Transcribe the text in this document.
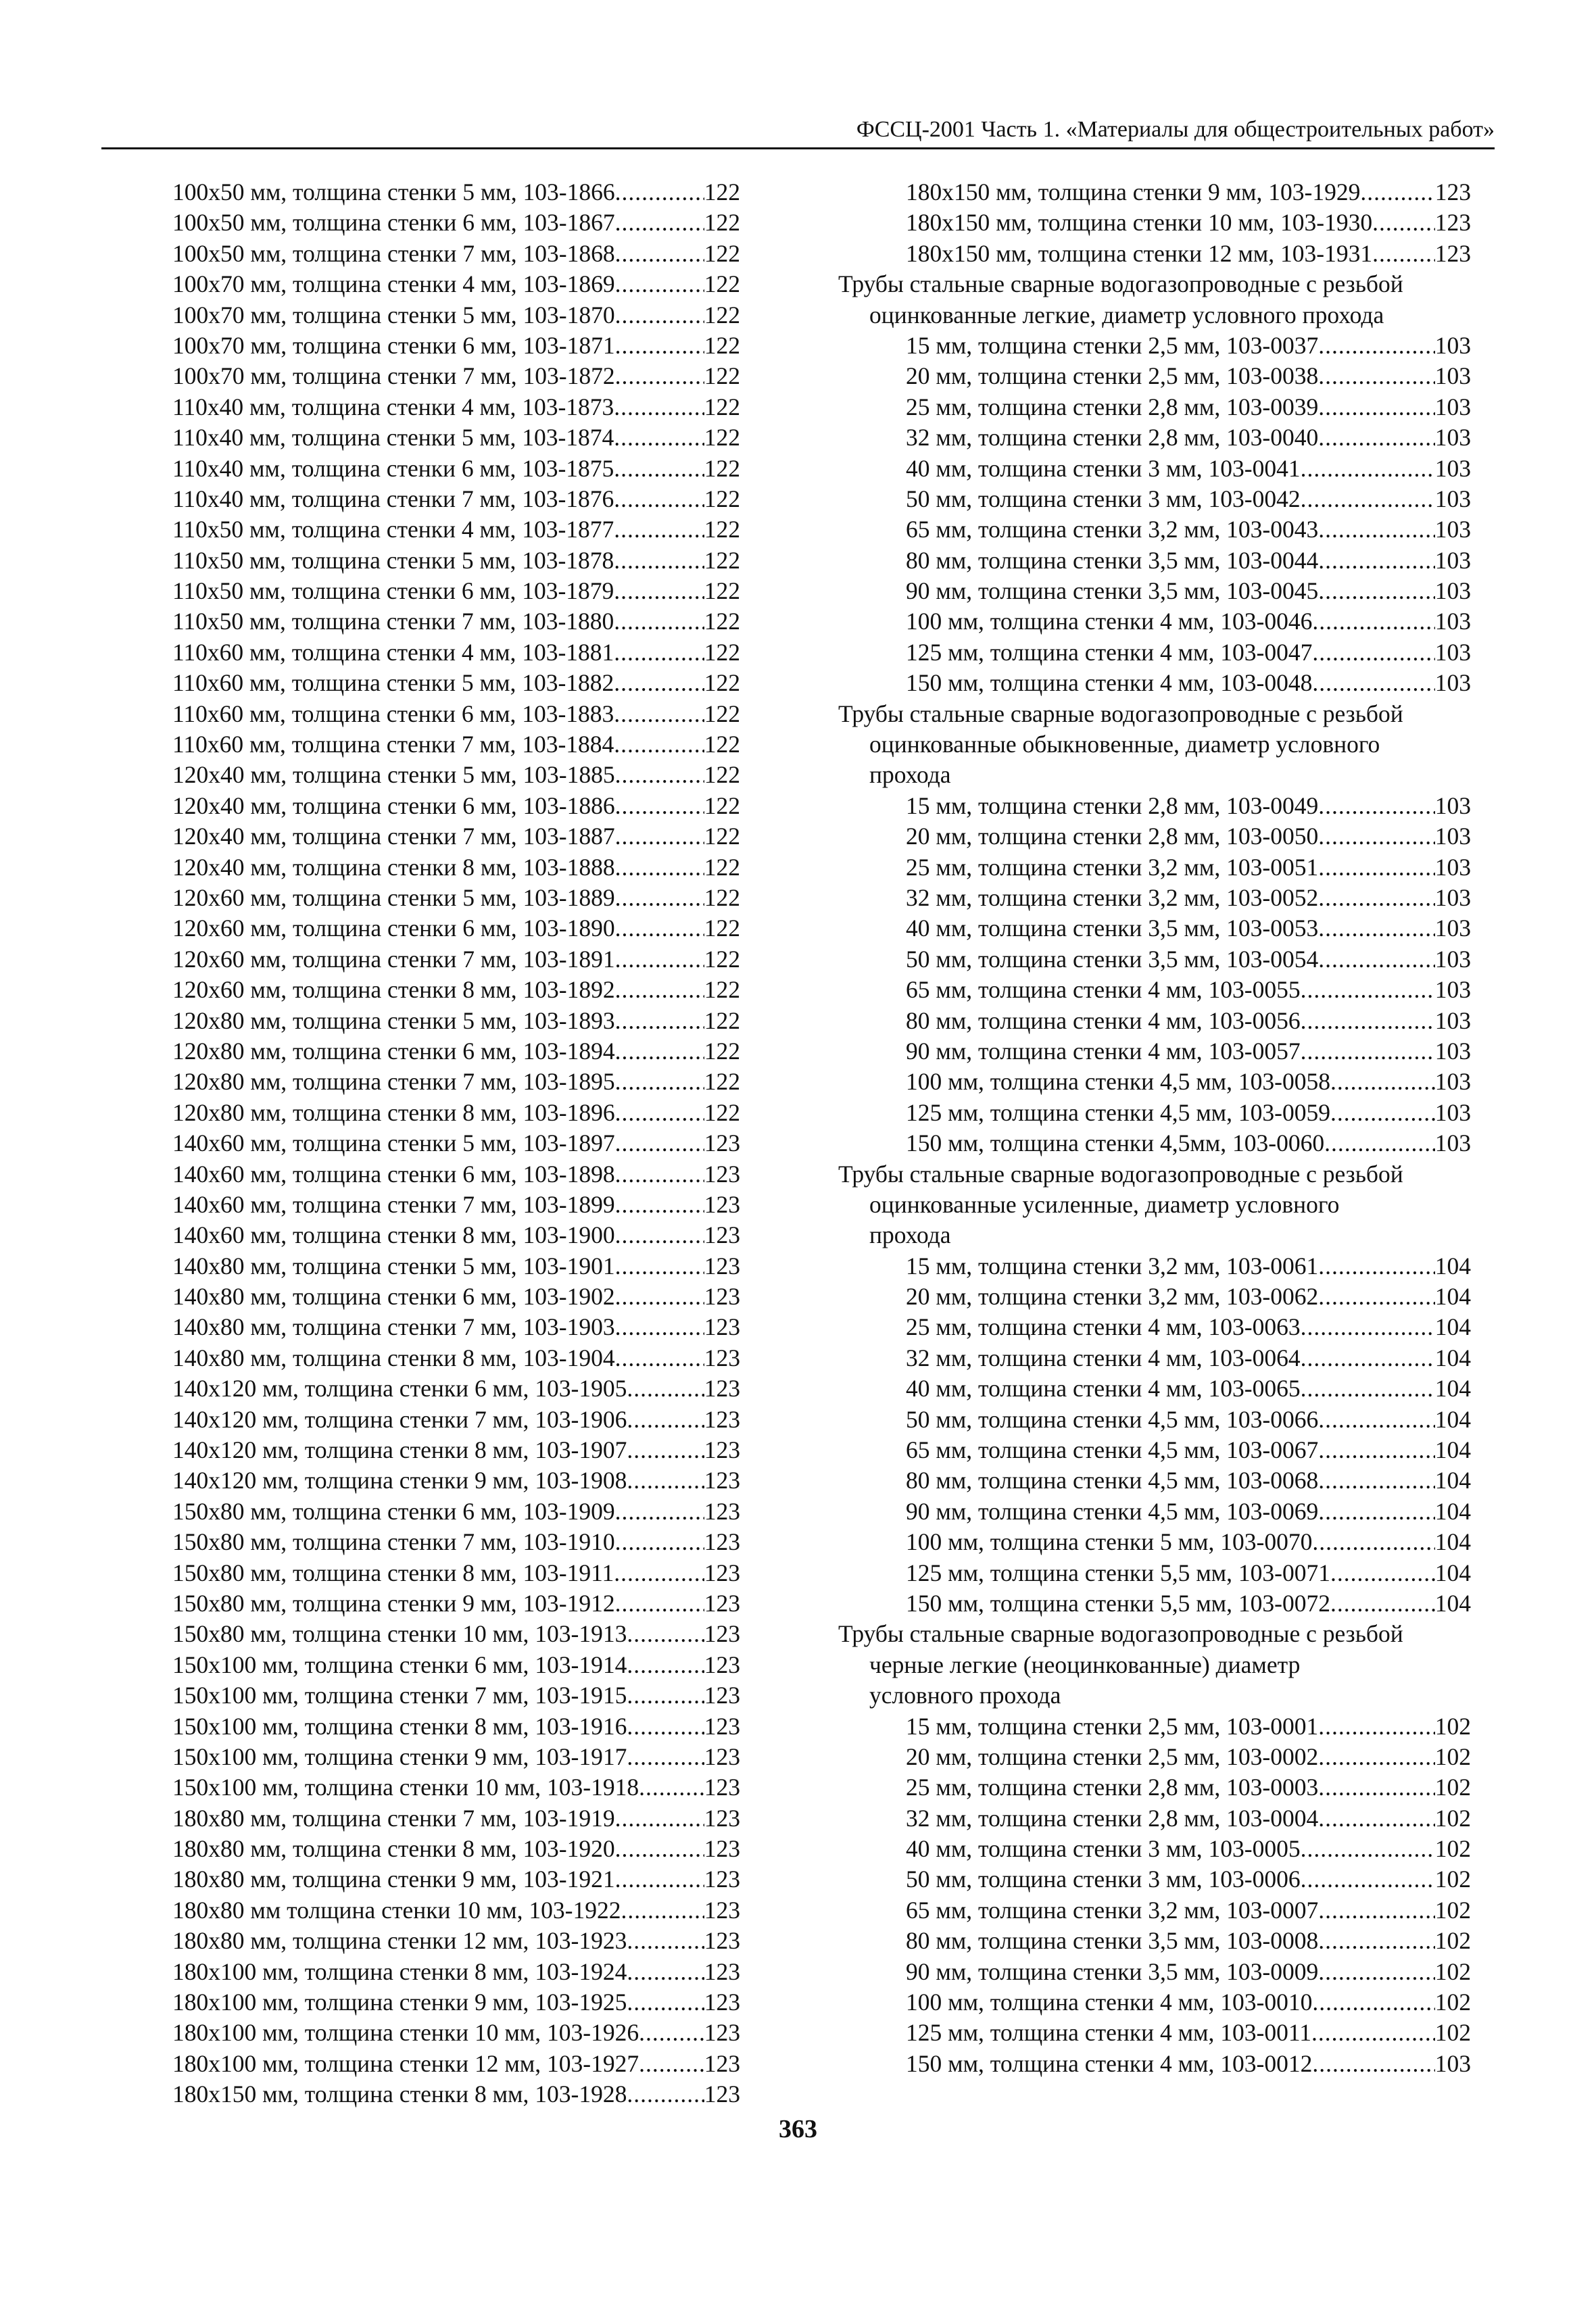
ФССЦ-2001 Часть 1. «Материалы для общестроительных работ»
100x50 мм, толщина стенки 5 мм, 103-1866 .....	122
100x50 мм, толщина стенки 6 мм, 103-1867 .....	122
100x50 мм, толщина стенки 7 мм, 103-1868 .....	122
100x70 мм, толщина стенки 4 мм, 103-1869 .....	122
100x70 мм, толщина стенки 5 мм, 103-1870 .....	122
100x70 мм, толщина стенки 6 мм, 103-1871 .....	122
100x70 мм, толщина стенки 7 мм, 103-1872 .....	122
110x40 мм, толщина стенки 4 мм, 103-1873 .....	122
110x40 мм, толщина стенки 5 мм, 103-1874 .....	122
110x40 мм, толщина стенки 6 мм, 103-1875 .....	122
110x40 мм, толщина стенки 7 мм, 103-1876 .....	122
110x50 мм, толщина стенки 4 мм, 103-1877 .....	122
110x50 мм, толщина стенки 5 мм, 103-1878 .....	122
110x50 мм, толщина стенки 6 мм, 103-1879 .....	122
110x50 мм, толщина стенки 7 мм, 103-1880 .....	122
110x60 мм, толщина стенки 4 мм, 103-1881 .....	122
110x60 мм, толщина стенки 5 мм, 103-1882 .....	122
110x60 мм, толщина стенки 6 мм, 103-1883 .....	122
110x60 мм, толщина стенки 7 мм, 103-1884 .....	122
120x40 мм, толщина стенки 5 мм, 103-1885 .....	122
120x40 мм, толщина стенки 6 мм, 103-1886 .....	122
120x40 мм, толщина стенки 7 мм, 103-1887 .....	122
120x40 мм, толщина стенки 8 мм, 103-1888 .....	122
120x60 мм, толщина стенки 5 мм, 103-1889 .....	122
120x60 мм, толщина стенки 6 мм, 103-1890 .....	122
120x60 мм, толщина стенки 7 мм, 103-1891 .....	122
120x60 мм, толщина стенки 8 мм, 103-1892 .....	122
120x80 мм, толщина стенки 5 мм, 103-1893 .....	122
120x80 мм, толщина стенки 6 мм, 103-1894 .....	122
120x80 мм, толщина стенки 7 мм, 103-1895 .....	122
120x80 мм, толщина стенки 8 мм, 103-1896 .....	122
140x60 мм, толщина стенки 5 мм, 103-1897 .....	123
140x60 мм, толщина стенки 6 мм, 103-1898 .....	123
140x60 мм, толщина стенки 7 мм, 103-1899 .....	123
140x60 мм, толщина стенки 8 мм, 103-1900 .....	123
140x80 мм, толщина стенки 5 мм, 103-1901 .....	123
140x80 мм, толщина стенки 6 мм, 103-1902 .....	123
140x80 мм, толщина стенки 7 мм, 103-1903 .....	123
140x80 мм, толщина стенки 8 мм, 103-1904 .....	123
140x120 мм, толщина стенки 6 мм, 103-1905 .....	123
140x120 мм, толщина стенки 7 мм, 103-1906 .....	123
140x120 мм, толщина стенки 8 мм, 103-1907 .....	123
140x120 мм, толщина стенки 9 мм, 103-1908 .....	123
150x80 мм, толщина стенки 6 мм, 103-1909 .....	123
150x80 мм, толщина стенки 7 мм, 103-1910 .....	123
150x80 мм, толщина стенки 8 мм, 103-1911 .....	123
150x80 мм, толщина стенки 9 мм, 103-1912 .....	123
150x80 мм, толщина стенки 10 мм, 103-1913 .....	123
150x100 мм, толщина стенки 6 мм, 103-1914 .....	123
150x100 мм, толщина стенки 7 мм, 103-1915 .....	123
150x100 мм, толщина стенки 8 мм, 103-1916 .....	123
150x100 мм, толщина стенки 9 мм, 103-1917 .....	123
150x100 мм, толщина стенки 10 мм, 103-1918 .....	123
180x80 мм, толщина стенки 7 мм, 103-1919 .....	123
180x80 мм, толщина стенки 8 мм, 103-1920 .....	123
180x80 мм, толщина стенки 9 мм, 103-1921 .....	123
180x80 мм толщина стенки 10 мм, 103-1922 .....	123
180x80 мм, толщина стенки 12 мм, 103-1923 .....	123
180x100 мм, толщина стенки 8 мм, 103-1924 .....	123
180x100 мм, толщина стенки 9 мм, 103-1925 .....	123
180x100 мм, толщина стенки 10 мм, 103-1926 .....	123
180x100 мм, толщина стенки 12 мм, 103-1927 .....	123
180x150 мм, толщина стенки 8 мм, 103-1928 .....	123
180x150 мм, толщина стенки 9 мм, 103-1929 .....	123
180x150 мм, толщина стенки 10 мм, 103-1930 .....	123
180x150 мм, толщина стенки 12 мм, 103-1931 .....	123
Трубы стальные сварные водогазопроводные с резьбой
оцинкованные легкие, диаметр условного прохода
15 мм, толщина стенки 2,5 мм, 103-0037 .....	103
20 мм, толщина стенки 2,5 мм, 103-0038 .....	103
25 мм, толщина стенки 2,8 мм, 103-0039 .....	103
32 мм, толщина стенки 2,8 мм, 103-0040 .....	103
40 мм, толщина стенки 3 мм, 103-0041 .....	103
50 мм, толщина стенки 3 мм, 103-0042 .....	103
65 мм, толщина стенки 3,2 мм, 103-0043 .....	103
80 мм, толщина стенки 3,5 мм, 103-0044 .....	103
90 мм, толщина стенки 3,5 мм, 103-0045 .....	103
100 мм, толщина стенки 4 мм, 103-0046 .....	103
125 мм, толщина стенки 4 мм, 103-0047 .....	103
150 мм, толщина стенки 4 мм, 103-0048 .....	103
Трубы стальные сварные водогазопроводные с резьбой
оцинкованные обыкновенные, диаметр условного
прохода
15 мм, толщина стенки 2,8 мм, 103-0049 .....	103
20 мм, толщина стенки 2,8 мм, 103-0050 .....	103
25 мм, толщина стенки 3,2 мм, 103-0051 .....	103
32 мм, толщина стенки 3,2 мм, 103-0052 .....	103
40 мм, толщина стенки 3,5 мм, 103-0053 .....	103
50 мм, толщина стенки 3,5 мм, 103-0054 .....	103
65 мм, толщина стенки 4 мм, 103-0055 .....	103
80 мм, толщина стенки 4 мм, 103-0056 .....	103
90 мм, толщина стенки 4 мм, 103-0057 .....	103
100 мм, толщина стенки 4,5 мм, 103-0058 .....	103
125 мм, толщина стенки 4,5 мм, 103-0059 .....	103
150 мм, толщина стенки 4,5мм, 103-0060 .....	103
Трубы стальные сварные водогазопроводные с резьбой
оцинкованные усиленные, диаметр условного
прохода
15 мм, толщина стенки 3,2 мм, 103-0061 .....	104
20 мм, толщина стенки 3,2 мм, 103-0062 .....	104
25 мм, толщина стенки 4 мм, 103-0063 .....	104
32 мм, толщина стенки 4 мм, 103-0064 .....	104
40 мм, толщина стенки 4 мм, 103-0065 .....	104
50 мм, толщина стенки 4,5 мм, 103-0066 .....	104
65 мм, толщина стенки 4,5 мм, 103-0067 .....	104
80 мм, толщина стенки 4,5 мм, 103-0068 .....	104
90 мм, толщина стенки 4,5 мм, 103-0069 .....	104
100 мм, толщина стенки 5 мм, 103-0070 .....	104
125 мм, толщина стенки 5,5 мм, 103-0071 .....	104
150 мм, толщина стенки 5,5 мм, 103-0072 .....	104
Трубы стальные сварные водогазопроводные с резьбой
черные легкие (неоцинкованные) диаметр
условного прохода
15 мм, толщина стенки 2,5 мм, 103-0001 .....	102
20 мм, толщина стенки 2,5 мм, 103-0002 .....	102
25 мм, толщина стенки 2,8 мм, 103-0003 .....	102
32 мм, толщина стенки 2,8 мм, 103-0004 .....	102
40 мм, толщина стенки 3 мм, 103-0005 .....	102
50 мм, толщина стенки 3 мм, 103-0006 .....	102
65 мм, толщина стенки 3,2 мм, 103-0007 .....	102
80 мм, толщина стенки 3,5 мм, 103-0008 .....	102
90 мм, толщина стенки 3,5 мм, 103-0009 .....	102
100 мм, толщина стенки 4 мм, 103-0010 .....	102
125 мм, толщина стенки 4 мм, 103-0011 .....	102
150 мм, толщина стенки 4 мм, 103-0012 .....	103
363
